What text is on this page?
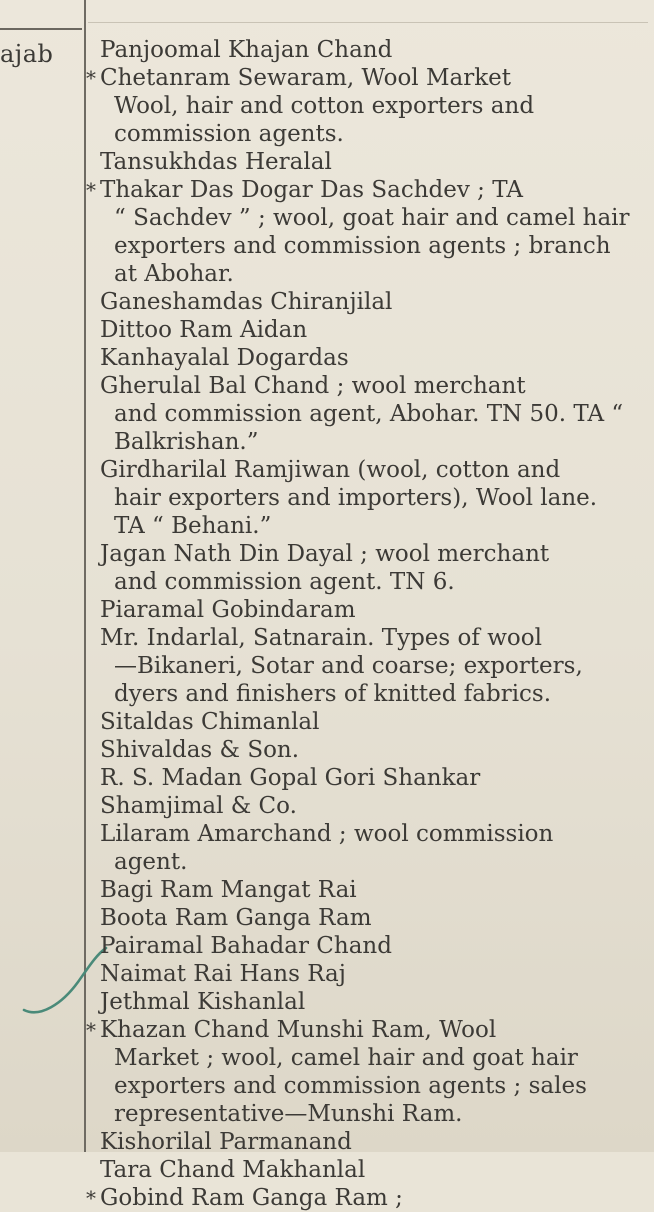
ajab Panjoomal Khajan Chand

* Chetanram Sewaram, Wool Market
Wool, hair and cotton exporters and commission agents.

Tansukhdas Heralal

* Thakar Das Dogar Das Sachdev ; TA
“ Sachdev ” ; wool, goat hair and camel hair exporters and commission agents ; branch at Abohar.

Ganeshamdas Chiranjilal

Dittoo Ram Aidan

Kanhayalal Dogardas

Gherulal Bal Chand ; wool merchant
and commission agent, Abohar. TN 50. TA “ Balkrishan.”

Girdharilal Ramjiwan (wool, cotton and
hair exporters and importers), Wool lane. TA “ Behani.”

Jagan Nath Din Dayal ; wool merchant
and commission agent. TN 6.

Piaramal Gobindaram

Mr. Indarlal, Satnarain. Types of wool
—Bikaneri, Sotar and coarse; exporters, dyers and finishers of knitted fabrics.

Sitaldas Chimanlal

Shivaldas & Son.

R. S. Madan Gopal Gori Shankar

Shamjimal & Co.

Lilaram Amarchand ; wool commission
agent.

Bagi Ram Mangat Rai

Boota Ram Ganga Ram

Pairamal Bahadar Chand

Naimat Rai Hans Raj

Jethmal Kishanlal

* Khazan Chand Munshi Ram, Wool
Market ; wool, camel hair and goat hair exporters and commission agents ; sales representative—Munshi Ram.

Kishorilal Parmanand

Tara Chand Makhanlal

* Gobind Ram Ganga Ram ;
